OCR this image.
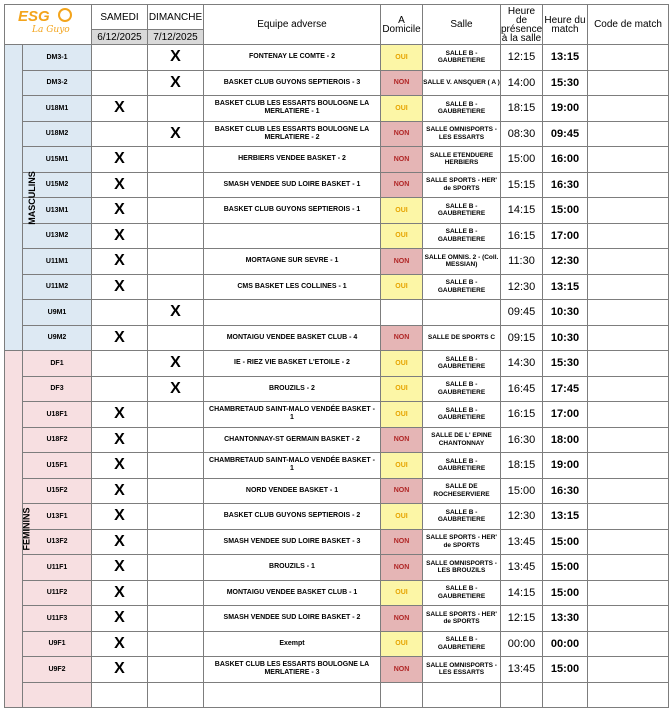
ESG
La Guyo		SAMEDI	DIMANCHE	Equipe adverse	A Domicile	Salle	Heure de présence à la salle	Heure du match	Code de match
		6/12/2025	7/12/2025						
MASCULINS	DM3-1		X	FONTENAY LE COMTE - 2	OUI	SALLE B - GAUBRETIERE	12:15	13:15	
	DM3-2		X	BASKET CLUB GUYONS SEPTIEROIS - 3	NON	SALLE V. ANSQUER ( A )	14:00	15:30	
	U18M1	X		BASKET CLUB LES ESSARTS BOULOGNE LA MERLATIERE - 1	OUI	SALLE B - GAUBRETIERE	18:15	19:00	
	U18M2		X	BASKET CLUB LES ESSARTS BOULOGNE LA MERLATIERE - 2	NON	SALLE OMNISPORTS - LES ESSARTS	08:30	09:45	
	U15M1	X		HERBIERS VENDEE BASKET - 2	NON	SALLE ETENDUERE HERBIERS	15:00	16:00	
	U15M2	X		SMASH VENDEE SUD LOIRE BASKET - 1	NON	SALLE SPORTS - HER' de SPORTS	15:15	16:30	
	U13M1	X		BASKET CLUB GUYONS SEPTIEROIS - 1	OUI	SALLE B - GAUBRETIERE	14:15	15:00	
	U13M2	X			OUI	SALLE B - GAUBRETIERE	16:15	17:00	
	U11M1	X		MORTAGNE SUR SEVRE - 1	NON	SALLE OMNIS. 2 - (Coll. MESSIAN)	11:30	12:30	
	U11M2	X		CMS BASKET LES COLLINES - 1	OUI	SALLE B - GAUBRETIERE	12:30	13:15	
	U9M1		X				09:45	10:30	
	U9M2	X		MONTAIGU VENDEE BASKET CLUB - 4	NON	SALLE DE SPORTS C	09:15	10:30	
FEMININS	DF1		X	IE - RIEZ VIE BASKET L'ETOILE - 2	OUI	SALLE B - GAUBRETIERE	14:30	15:30	
	DF3		X	BROUZILS - 2	OUI	SALLE B - GAUBRETIERE	16:45	17:45	
	U18F1	X		CHAMBRETAUD SAINT-MALO VENDÉE BASKET - 1	OUI	SALLE B - GAUBRETIERE	16:15	17:00	
	U18F2	X		CHANTONNAY-ST GERMAIN BASKET - 2	NON	SALLE DE L' EPINE CHANTONNAY	16:30	18:00	
	U15F1	X		CHAMBRETAUD SAINT-MALO VENDÉE BASKET - 1	OUI	SALLE B - GAUBRETIERE	18:15	19:00	
	U15F2	X		NORD VENDEE BASKET - 1	NON	SALLE DE ROCHESERVIERE	15:00	16:30	
	U13F1	X		BASKET CLUB GUYONS SEPTIEROIS - 2	OUI	SALLE B - GAUBRETIERE	12:30	13:15	
	U13F2	X		SMASH VENDEE SUD LOIRE BASKET - 3	NON	SALLE SPORTS - HER' de SPORTS	13:45	15:00	
	U11F1	X		BROUZILS - 1	NON	SALLE OMNISPORTS - LES BROUZILS	13:45	15:00	
	U11F2	X		MONTAIGU VENDEE BASKET CLUB - 1	OUI	SALLE B - GAUBRETIERE	14:15	15:00	
	U11F3	X		SMASH VENDEE SUD LOIRE BASKET - 2	NON	SALLE SPORTS - HER' de SPORTS	12:15	13:30	
	U9F1	X		Exempt	OUI	SALLE B - GAUBRETIERE	00:00	00:00	
	U9F2	X		BASKET CLUB LES ESSARTS BOULOGNE LA MERLATIERE - 3	NON	SALLE OMNISPORTS - LES ESSARTS	13:45	15:00	
